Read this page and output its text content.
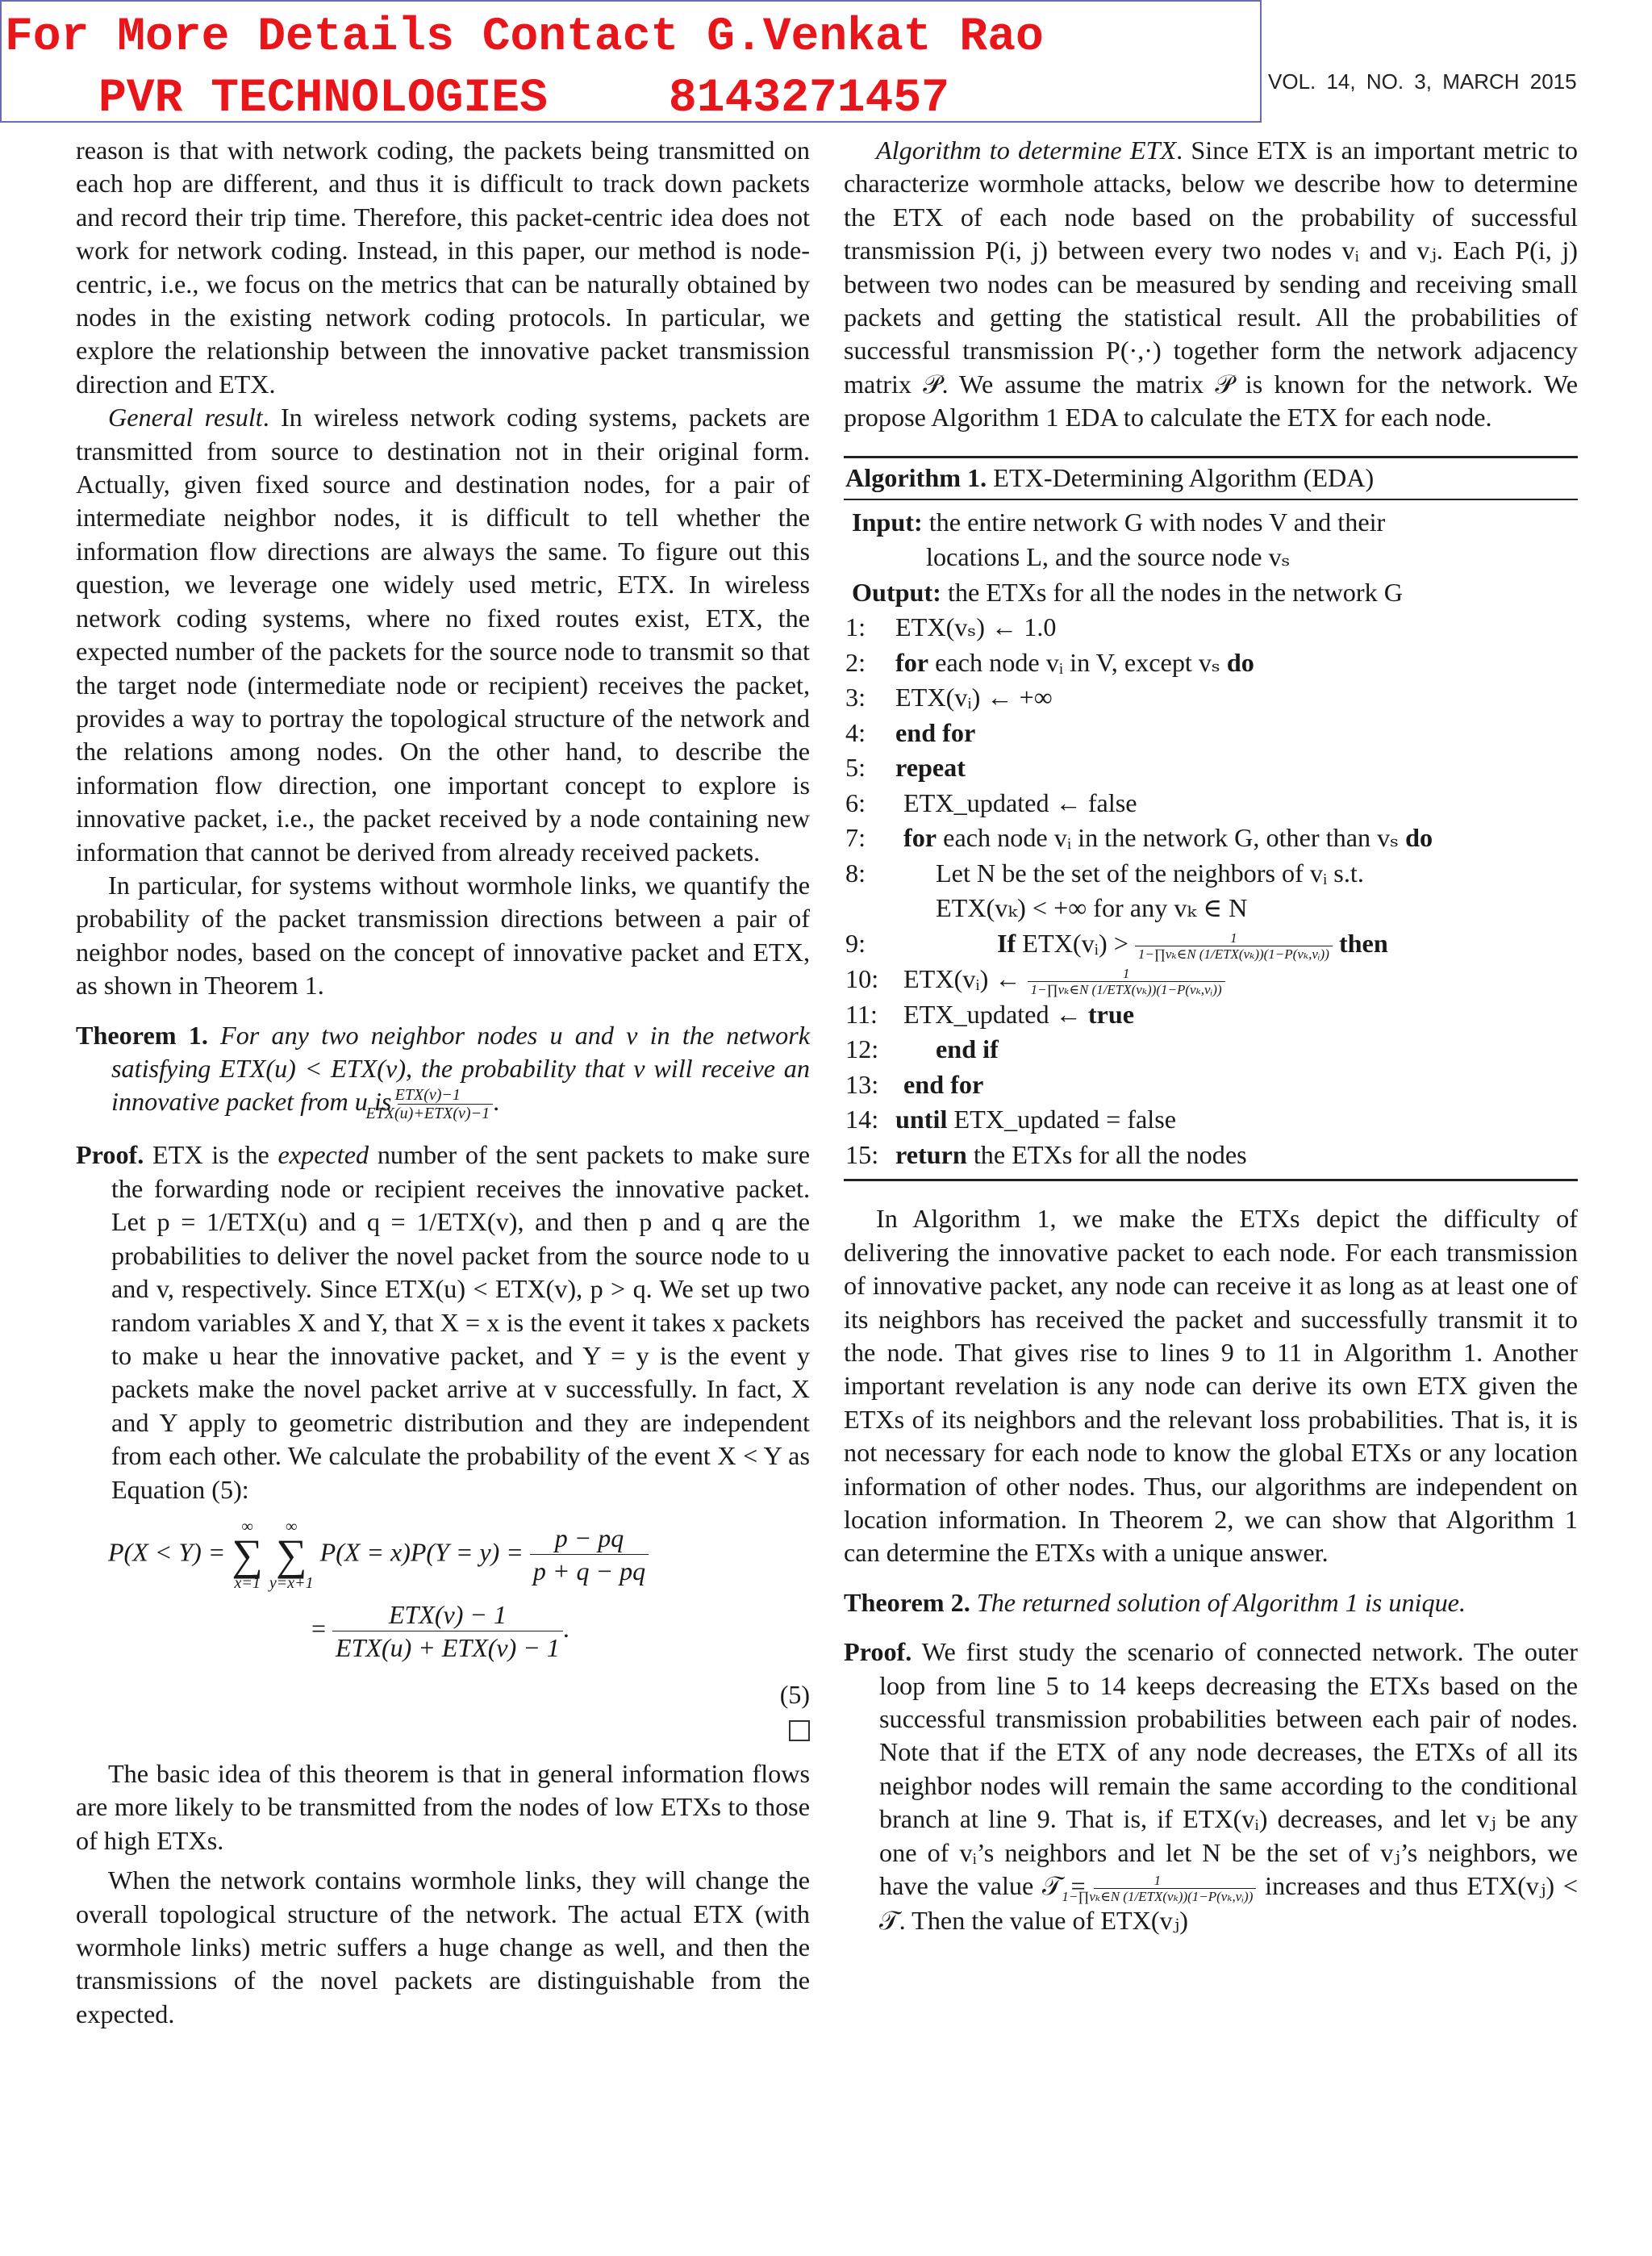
For More Details Contact G.Venkat Rao
PVR TECHNOLOGIES	8143271457	VOL. 14, NO. 3, MARCH 2015

reason is that with network coding, the packets being transmitted on each hop are different, and thus it is difficult to track down packets and record their trip time. Therefore, this packet-centric idea does not work for network coding. Instead, in this paper, our method is node-centric, i.e., we focus on the metrics that can be naturally obtained by nodes in the existing network coding protocols. In particular, we explore the relationship between the innovative packet transmission direction and ETX.

General result. In wireless network coding systems, packets are transmitted from source to destination not in their original form. Actually, given fixed source and destination nodes, for a pair of intermediate neighbor nodes, it is difficult to tell whether the information flow directions are always the same. To figure out this question, we leverage one widely used metric, ETX. In wireless network coding systems, where no fixed routes exist, ETX, the expected number of the packets for the source node to transmit so that the target node (intermediate node or recipient) receives the packet, provides a way to portray the topological structure of the network and the relations among nodes. On the other hand, to describe the information flow direction, one important concept to explore is innovative packet, i.e., the packet received by a node containing new information that cannot be derived from already received packets.

In particular, for systems without wormhole links, we quantify the probability of the packet transmission directions between a pair of neighbor nodes, based on the concept of innovative packet and ETX, as shown in Theorem 1.

Theorem 1. For any two neighbor nodes u and v in the network satisfying ETX(u) < ETX(v), the probability that v will receive an innovative packet from u is $\frac{\text{ETX(v)−1}}{\text{ETX(u)+ETX(v)−1}}$ .

Proof. ETX is the expected number of the sent packets to make sure the forwarding node or recipient receives the innovative packet. Let p = 1/ETX(u) and q = 1/ETX(v), and then p and q are the probabilities to deliver the novel packet from the source node to u and v, respectively. Since ETX(u) < ETX(v), p > q. We set up two random variables X and Y, that X = x is the event it takes x packets to make u hear the innovative packet, and Y = y is the event y packets make the novel packet arrive at v successfully. In fact, X and Y apply to geometric distribution and they are independent from each other. We calculate the probability of the event X < Y as Equation (5):

P(X < Y) = ∞
∑
x=1 ∞
∑
y=x+1 $P(X = x)P(Y = y) = \frac{p - pq}{p + q - pq}$
= $\frac{\text{ETX(v) − 1}}{\text{ETX(u) + ETX(v) − 1}}$ .
(5)

The basic idea of this theorem is that in general information flows are more likely to be transmitted from the nodes of low ETXs to those of high ETXs.

When the network contains wormhole links, they will change the overall topological structure of the network. The actual ETX (with wormhole links) metric suffers a huge change as well, and then the transmissions of the novel packets are distinguishable from the expected.

Algorithm to determine ETX. Since ETX is an important metric to characterize wormhole attacks, below we describe how to determine the ETX of each node based on the probability of successful transmission P(i, j) between every two nodes vᵢ and vⱼ. Each P(i, j) between two nodes can be measured by sending and receiving small packets and getting the statistical result. All the probabilities of successful transmission P(·,·) together form the network adjacency matrix 𝒫. We assume the matrix 𝒫 is known for the network. We propose Algorithm 1 EDA to calculate the ETX for each node.

Algorithm 1. ETX-Determining Algorithm (EDA)
Input: the entire network G with nodes V and their
locations L, and the source node vₛ
Output: the ETXs for all the nodes in the network G
1: ETX(vₛ) ← 1.0
2: for each node vᵢ in V, except vₛ do
3: ETX(vᵢ) ← +∞
4: end for
5: repeat
6: ETX_updated ← false
7: for each node vᵢ in the network G, other than vₛ do
8:	Let N be the set of the neighbors of vᵢ s.t.
ETX(vₖ) < +∞ for any vₖ ∈ N
9:	If ETX(vᵢ) > $\frac{1}{\text{1−∏vₖ∈N (1/ETX(vₖ))(1−P(vₖ,vᵢ))}}$ then
10: ETX(vᵢ) ← $\frac{1}{\text{1−∏vₖ∈N (1/ETX(vₖ))(1−P(vₖ,vᵢ))}}$
11: ETX_updated ← true
12: end if
13: end for
14: until ETX_updated = false
15: return the ETXs for all the nodes

In Algorithm 1, we make the ETXs depict the difficulty of delivering the innovative packet to each node. For each transmission of innovative packet, any node can receive it as long as at least one of its neighbors has received the packet and successfully transmit it to the node. That gives rise to lines 9 to 11 in Algorithm 1. Another important revelation is any node can derive its own ETX given the ETXs of its neighbors and the relevant loss probabilities. That is, it is not necessary for each node to know the global ETXs or any location information of other nodes. Thus, our algorithms are independent on location information. In Theorem 2, we can show that Algorithm 1 can determine the ETXs with a unique answer.

Theorem 2. The returned solution of Algorithm 1 is unique.

Proof. We first study the scenario of connected network. The outer loop from line 5 to 14 keeps decreasing the ETXs based on the successful transmission probabilities between each pair of nodes. Note that if the ETX of any node decreases, the ETXs of all its neighbor nodes will remain the same according to the conditional branch at line 9. That is, if ETX(vᵢ) decreases, and let vⱼ be any one of vᵢ’s neighbors and let N be the set of vⱼ’s neighbors, we have the value 𝒯 = $\frac{1}{\text{1−∏vₖ∈N (1/ETX(vₖ))(1−P(vₖ,vᵢ))}}$ increases and thus ETX(vⱼ) < 𝒯. Then the value of ETX(vⱼ)
